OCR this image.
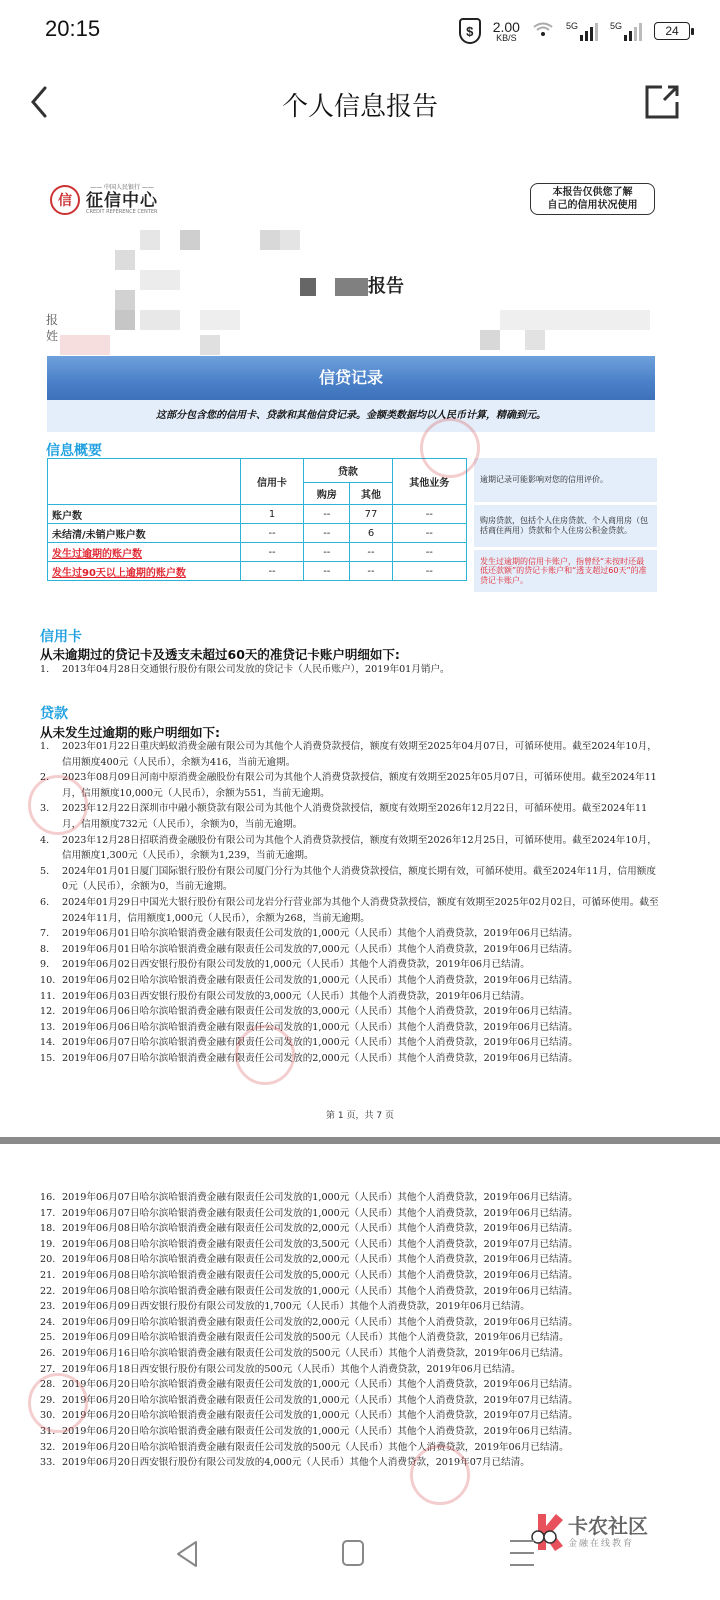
20:15	$	2.00
KB/S
5G	5G	24
个人信息报告
信
—— 中国人民银行 ——
征信中心
CREDIT REFERENCE CENTER
本报告仅供您了解
自己的信用状况使用
报告
报
姓
信贷记录
这部分包含您的信用卡、贷款和其他信贷记录。金额类数据均以人民币计算，精确到元。
信息概要
	信用卡	贷款		其他业务
		购房	其他	
账户数	1	--	77	--
未结清/未销户账户数	--	--	6	--
发生过逾期的账户数	--	--	--	--
发生过90天以上逾期的账户数	--	--	--	--
逾期记录可能影响对您的信用评价。
购房贷款，包括个人住房贷款、个人商用房（包括商住两用）贷款和个人住房公积金贷款。
发生过逾期的信用卡账户，指曾经“未按时还最低还款额”的贷记卡账户和“透支超过60天”的准贷记卡账户。
信用卡
从未逾期过的贷记卡及透支未超过60天的准贷记卡账户明细如下:
1.	2013年04月28日交通银行股份有限公司发放的贷记卡（人民币账户），2019年01月销户。
贷款
从未发生过逾期的账户明细如下:
1.	2023年01月22日重庆蚂蚁消费金融有限公司为其他个人消费贷款授信，额度有效期至2025年04月07日，可循环使用。截至2024年10月，信用额度400元（人民币），余额为416，当前无逾期。
2.	2023年08月09日河南中原消费金融股份有限公司为其他个人消费贷款授信，额度有效期至2025年05月07日，可循环使用。截至2024年11月，信用额度10,000元（人民币），余额为551，当前无逾期。
3.	2023年12月22日深圳市中融小额贷款有限公司为其他个人消费贷款授信，额度有效期至2026年12月22日，可循环使用。截至2024年11月，信用额度732元（人民币），余额为0，当前无逾期。
4.	2023年12月28日招联消费金融股份有限公司为其他个人消费贷款授信，额度有效期至2026年12月25日，可循环使用。截至2024年10月，信用额度1,300元（人民币），余额为1,239，当前无逾期。
5.	2024年01月01日厦门国际银行股份有限公司厦门分行为其他个人消费贷款授信，额度长期有效，可循环使用。截至2024年11月，信用额度0元（人民币），余额为0，当前无逾期。
6.	2024年01月29日中国光大银行股份有限公司龙岩分行营业部为其他个人消费贷款授信，额度有效期至2025年02月02日，可循环使用。截至2024年11月，信用额度1,000元（人民币），余额为268，当前无逾期。
7.	2019年06月01日哈尔滨哈银消费金融有限责任公司发放的1,000元（人民币）其他个人消费贷款，2019年06月已结清。
8.	2019年06月01日哈尔滨哈银消费金融有限责任公司发放的7,000元（人民币）其他个人消费贷款，2019年06月已结清。
9.	2019年06月02日西安银行股份有限公司发放的1,000元（人民币）其他个人消费贷款，2019年06月已结清。
10. 2019年06月02日哈尔滨哈银消费金融有限责任公司发放的1,000元（人民币）其他个人消费贷款，2019年06月已结清。
11. 2019年06月03日西安银行股份有限公司发放的3,000元（人民币）其他个人消费贷款，2019年06月已结清。
12. 2019年06月06日哈尔滨哈银消费金融有限责任公司发放的3,000元（人民币）其他个人消费贷款，2019年06月已结清。
13. 2019年06月06日哈尔滨哈银消费金融有限责任公司发放的1,000元（人民币）其他个人消费贷款，2019年06月已结清。
14. 2019年06月07日哈尔滨哈银消费金融有限责任公司发放的1,000元（人民币）其他个人消费贷款，2019年06月已结清。
15. 2019年06月07日哈尔滨哈银消费金融有限责任公司发放的2,000元（人民币）其他个人消费贷款，2019年06月已结清。
第 1 页，共 7 页
16. 2019年06月07日哈尔滨哈银消费金融有限责任公司发放的1,000元（人民币）其他个人消费贷款，2019年06月已结清。
17. 2019年06月07日哈尔滨哈银消费金融有限责任公司发放的1,000元（人民币）其他个人消费贷款，2019年06月已结清。
18. 2019年06月08日哈尔滨哈银消费金融有限责任公司发放的2,000元（人民币）其他个人消费贷款，2019年06月已结清。
19. 2019年06月08日哈尔滨哈银消费金融有限责任公司发放的3,500元（人民币）其他个人消费贷款，2019年07月已结清。
20. 2019年06月08日哈尔滨哈银消费金融有限责任公司发放的2,000元（人民币）其他个人消费贷款，2019年06月已结清。
21. 2019年06月08日哈尔滨哈银消费金融有限责任公司发放的5,000元（人民币）其他个人消费贷款，2019年06月已结清。
22. 2019年06月08日哈尔滨哈银消费金融有限责任公司发放的1,000元（人民币）其他个人消费贷款，2019年06月已结清。
23. 2019年06月09日西安银行股份有限公司发放的1,700元（人民币）其他个人消费贷款，2019年06月已结清。
24. 2019年06月09日哈尔滨哈银消费金融有限责任公司发放的2,000元（人民币）其他个人消费贷款，2019年06月已结清。
25. 2019年06月09日哈尔滨哈银消费金融有限责任公司发放的500元（人民币）其他个人消费贷款，2019年06月已结清。
26. 2019年06月16日哈尔滨哈银消费金融有限责任公司发放的500元（人民币）其他个人消费贷款，2019年06月已结清。
27. 2019年06月18日西安银行股份有限公司发放的500元（人民币）其他个人消费贷款，2019年06月已结清。
28. 2019年06月20日哈尔滨哈银消费金融有限责任公司发放的1,000元（人民币）其他个人消费贷款，2019年06月已结清。
29. 2019年06月20日哈尔滨哈银消费金融有限责任公司发放的1,000元（人民币）其他个人消费贷款，2019年07月已结清。
30. 2019年06月20日哈尔滨哈银消费金融有限责任公司发放的1,000元（人民币）其他个人消费贷款，2019年07月已结清。
31. 2019年06月20日哈尔滨哈银消费金融有限责任公司发放的1,000元（人民币）其他个人消费贷款，2019年06月已结清。
32. 2019年06月20日哈尔滨哈银消费金融有限责任公司发放的500元（人民币）其他个人消费贷款，2019年06月已结清。
33. 2019年06月20日西安银行股份有限公司发放的4,000元（人民币）其他个人消费贷款，2019年07月已结清。
卡农社区
金融在线教育
